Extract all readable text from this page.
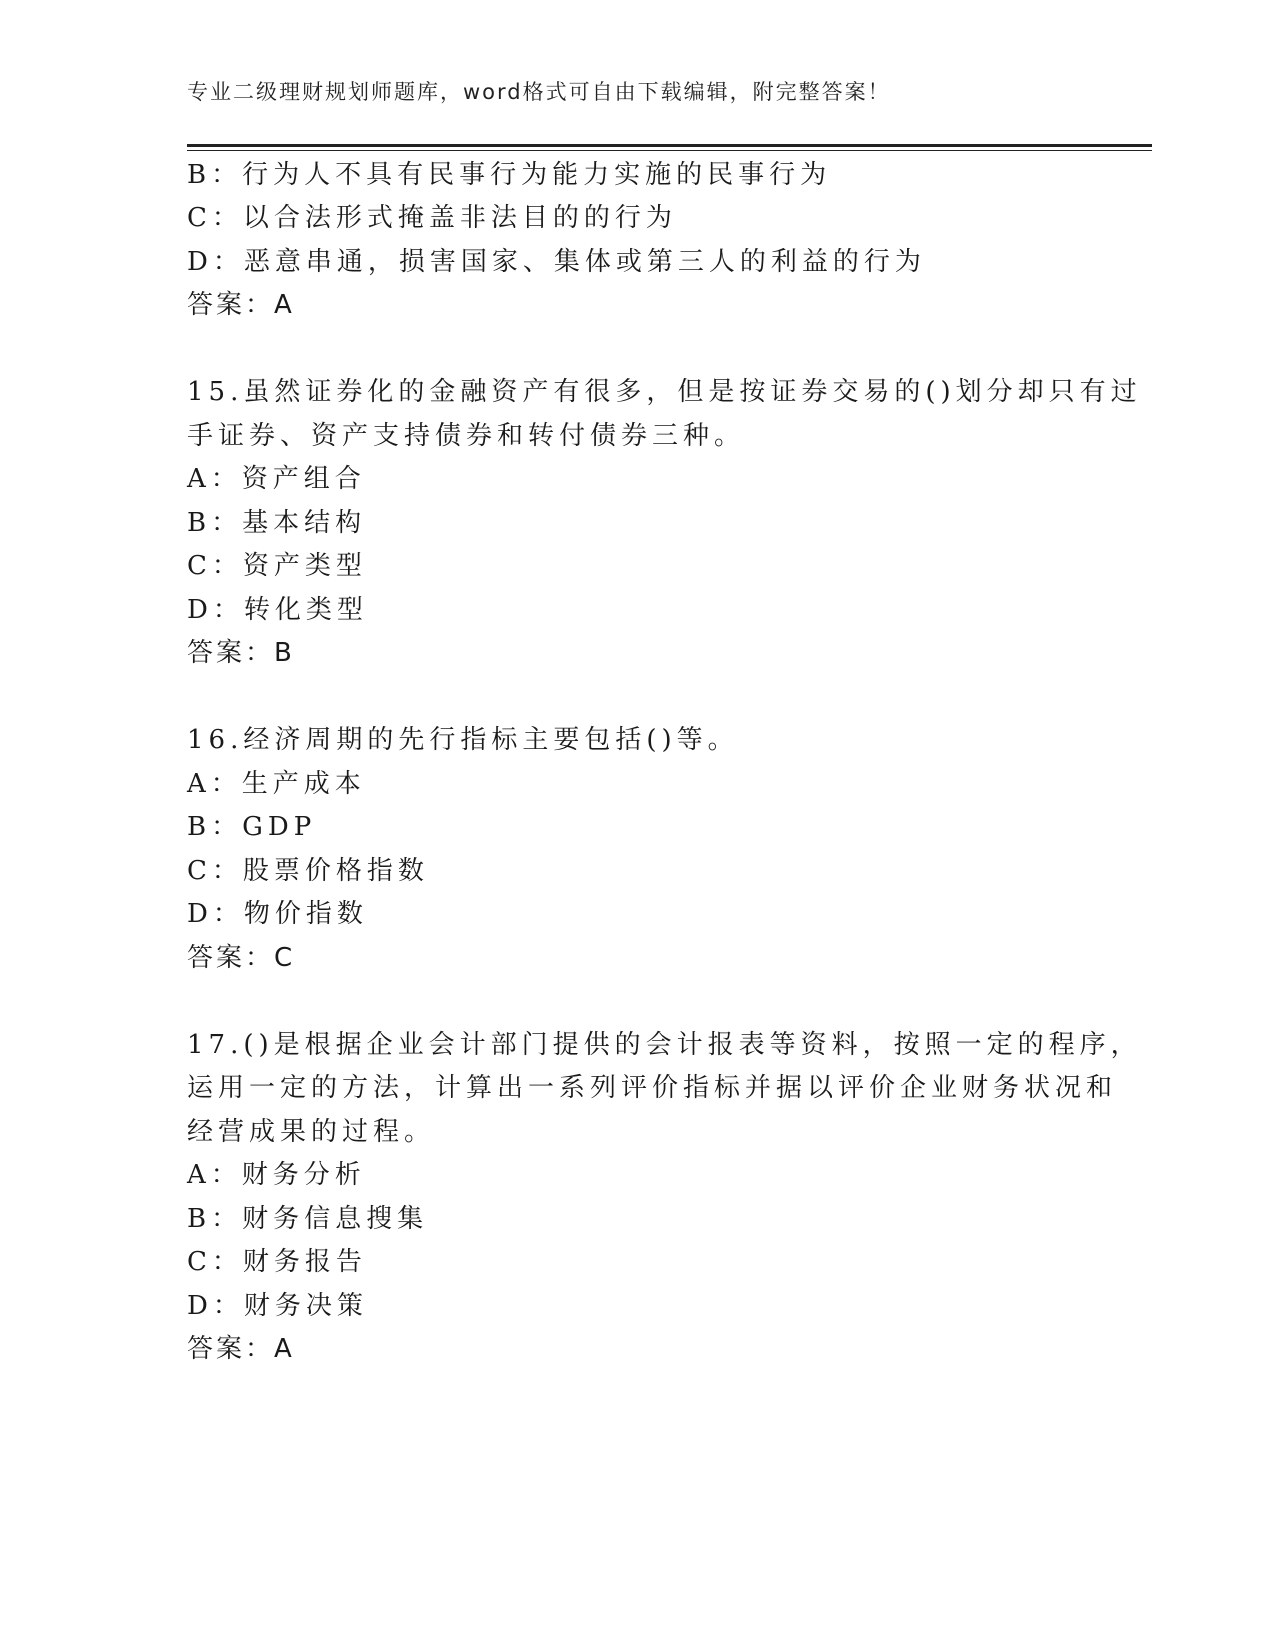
专业二级理财规划师题库，word格式可自由下载编辑，附完整答案！
B：行为人不具有民事行为能力实施的民事行为
C：以合法形式掩盖非法目的的行为
D：恶意串通，损害国家、集体或第三人的利益的行为
答案：A
15.虽然证券化的金融资产有很多，但是按证券交易的()划分却只有过
手证券、资产支持债券和转付债券三种。
A：资产组合
B：基本结构
C：资产类型
D：转化类型
答案：B
16.经济周期的先行指标主要包括()等。
A：生产成本
B：GDP
C：股票价格指数
D：物价指数
答案：C
17.()是根据企业会计部门提供的会计报表等资料，按照一定的程序，
运用一定的方法，计算出一系列评价指标并据以评价企业财务状况和
经营成果的过程。
A：财务分析
B：财务信息搜集
C：财务报告
D：财务决策
答案：A
